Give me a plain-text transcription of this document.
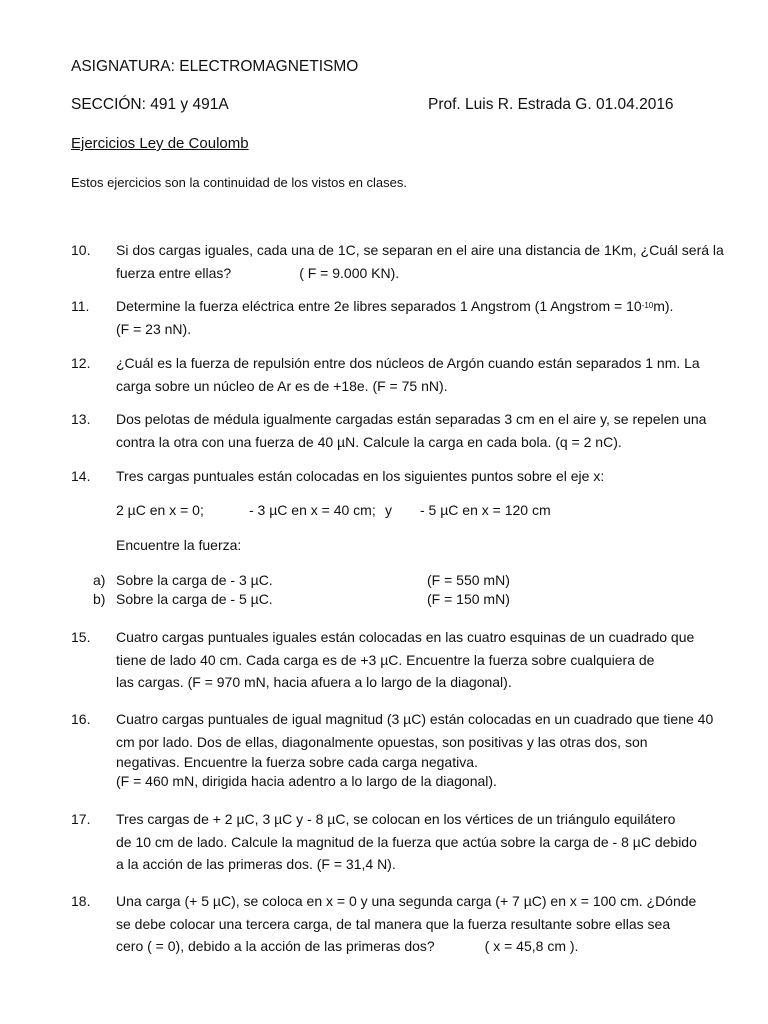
ASIGNATURA: ELECTROMAGNETISMO
SECCIÓN: 491 y 491A	Prof. Luis R. Estrada G. 01.04.2016
Ejercicios Ley de Coulomb
Estos ejercicios son la continuidad de los vistos en clases.
10. Si dos cargas iguales, cada una de 1C, se separan en el aire una distancia de 1Km, ¿Cuál será la
fuerza entre ellas?	( F = 9.000 KN).
11. Determine la fuerza eléctrica entre 2e libres separados 1 Angstrom (1 Angstrom = $10^{-10}m$).
(F = 23 nN).
12. ¿Cuál es la fuerza de repulsión entre dos núcleos de Argón cuando están separados 1 nm. La
carga sobre un núcleo de Ar es de +18e. (F = 75 nN).
13. Dos pelotas de médula igualmente cargadas están separadas 3 cm en el aire y, se repelen una
contra la otra con una fuerza de 40 µN. Calcule la carga en cada bola. (q = 2 nC).
14. Tres cargas puntuales están colocadas en los siguientes puntos sobre el eje x:
2 µC en x = 0;	- 3 µC en x = 40 cm; y - 5 µC en x = 120 cm
Encuentre la fuerza:
a) Sobre la carga de - 3 µC.	(F = 550 mN)
b) Sobre la carga de - 5 µC.	(F = 150 mN)
15. Cuatro cargas puntuales iguales están colocadas en las cuatro esquinas de un cuadrado que
tiene de lado 40 cm. Cada carga es de +3 µC. Encuentre la fuerza sobre cualquiera de
las cargas. (F = 970 mN, hacia afuera a lo largo de la diagonal).
16. Cuatro cargas puntuales de igual magnitud (3 µC) están colocadas en un cuadrado que tiene 40
cm por lado. Dos de ellas, diagonalmente opuestas, son positivas y las otras dos, son
negativas. Encuentre la fuerza sobre cada carga negativa.
(F = 460 mN, dirigida hacia adentro a lo largo de la diagonal).
17. Tres cargas de + 2 µC, 3 µC y - 8 µC, se colocan en los vértices de un triángulo equilátero
de 10 cm de lado. Calcule la magnitud de la fuerza que actúa sobre la carga de - 8 µC debido
a la acción de las primeras dos. (F = 31,4 N).
18. Una carga (+ 5 µC), se coloca en x = 0 y una segunda carga (+ 7 µC) en x = 100 cm. ¿Dónde
se debe colocar una tercera carga, de tal manera que la fuerza resultante sobre ellas sea
cero ( = 0), debido a la acción de las primeras dos?	( x = 45,8 cm ).
